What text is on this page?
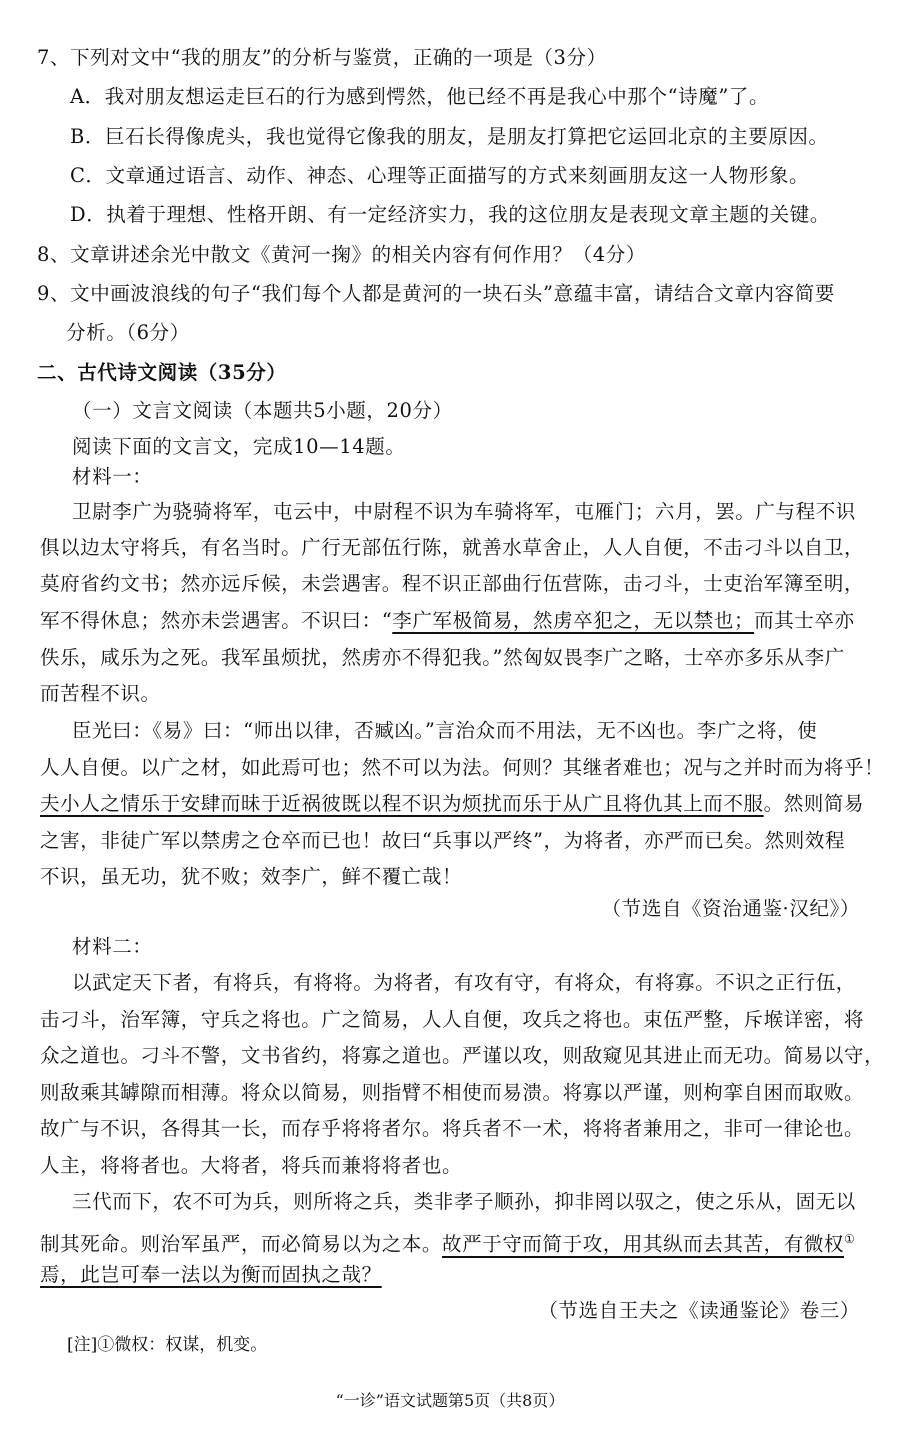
7、下列对文中“我的朋友”的分析与鉴赏，正确的一项是（3分）
A．我对朋友想运走巨石的行为感到愕然，他已经不再是我心中那个“诗魔”了。
B．巨石长得像虎头，我也觉得它像我的朋友，是朋友打算把它运回北京的主要原因。
C．文章通过语言、动作、神态、心理等正面描写的方式来刻画朋友这一人物形象。
D．执着于理想、性格开朗、有一定经济实力，我的这位朋友是表现文章主题的关键。
8、文章讲述余光中散文《黄河一掬》的相关内容有何作用？（4分）
9、文中画波浪线的句子“我们每个人都是黄河的一块石头”意蕴丰富，请结合文章内容简要
分析。（6分）
二、古代诗文阅读（35分）
（一）文言文阅读（本题共5小题，20分）
阅读下面的文言文，完成10—14题。
材料一：
卫尉李广为骁骑将军，屯云中，中尉程不识为车骑将军，屯雁门；六月，罢。广与程不识
俱以边太守将兵，有名当时。广行无部伍行陈，就善水草舍止，人人自便，不击刁斗以自卫，
莫府省约文书；然亦远斥候，未尝遇害。程不识正部曲行伍营陈，击刁斗，士吏治军簿至明，
军不得休息；然亦未尝遇害。不识曰：“李广军极简易，然虏卒犯之，无以禁也；而其士卒亦
佚乐，咸乐为之死。我军虽烦扰，然虏亦不得犯我。”然匈奴畏李广之略，士卒亦多乐从李广
而苦程不识。
臣光曰：《易》曰：“师出以律，否臧凶。”言治众而不用法，无不凶也。李广之将，使
人人自便。以广之材，如此焉可也；然不可以为法。何则？其继者难也；况与之并时而为将乎！
夫小人之情乐于安肆而昧于近祸彼既以程不识为烦扰而乐于从广且将仇其上而不服。然则简易
之害，非徒广军以禁虏之仓卒而已也！故曰“兵事以严终”，为将者，亦严而已矣。然则效程
不识，虽无功，犹不败；效李广，鲜不覆亡哉！
（节选自《资治通鉴·汉纪》）
材料二：
以武定天下者，有将兵，有将将。为将者，有攻有守，有将众，有将寡。不识之正行伍，
击刁斗，治军簿，守兵之将也。广之简易，人人自便，攻兵之将也。束伍严整，斥堠详密，将
众之道也。刁斗不警，文书省约，将寡之道也。严谨以攻，则敌窥见其进止而无功。简易以守，
则敌乘其罅隙而相薄。将众以简易，则指臂不相使而易溃。将寡以严谨，则枸挛自困而取败。
故广与不识，各得其一长，而存乎将将者尔。将兵者不一术，将将者兼用之，非可一律论也。
人主，将将者也。大将者，将兵而兼将将者也。
三代而下，农不可为兵，则所将之兵，类非孝子顺孙，抑非罔以驭之，使之乐从，固无以
制其死命。则治军虽严，而必简易以为之本。故严于守而简于攻，用其纵而去其苦，有微权①
焉，此岂可奉一法以为衡而固执之哉？
（节选自王夫之《读通鉴论》卷三）
[注]①微权：权谋，机变。
“一诊”语文试题第5页（共8页）
